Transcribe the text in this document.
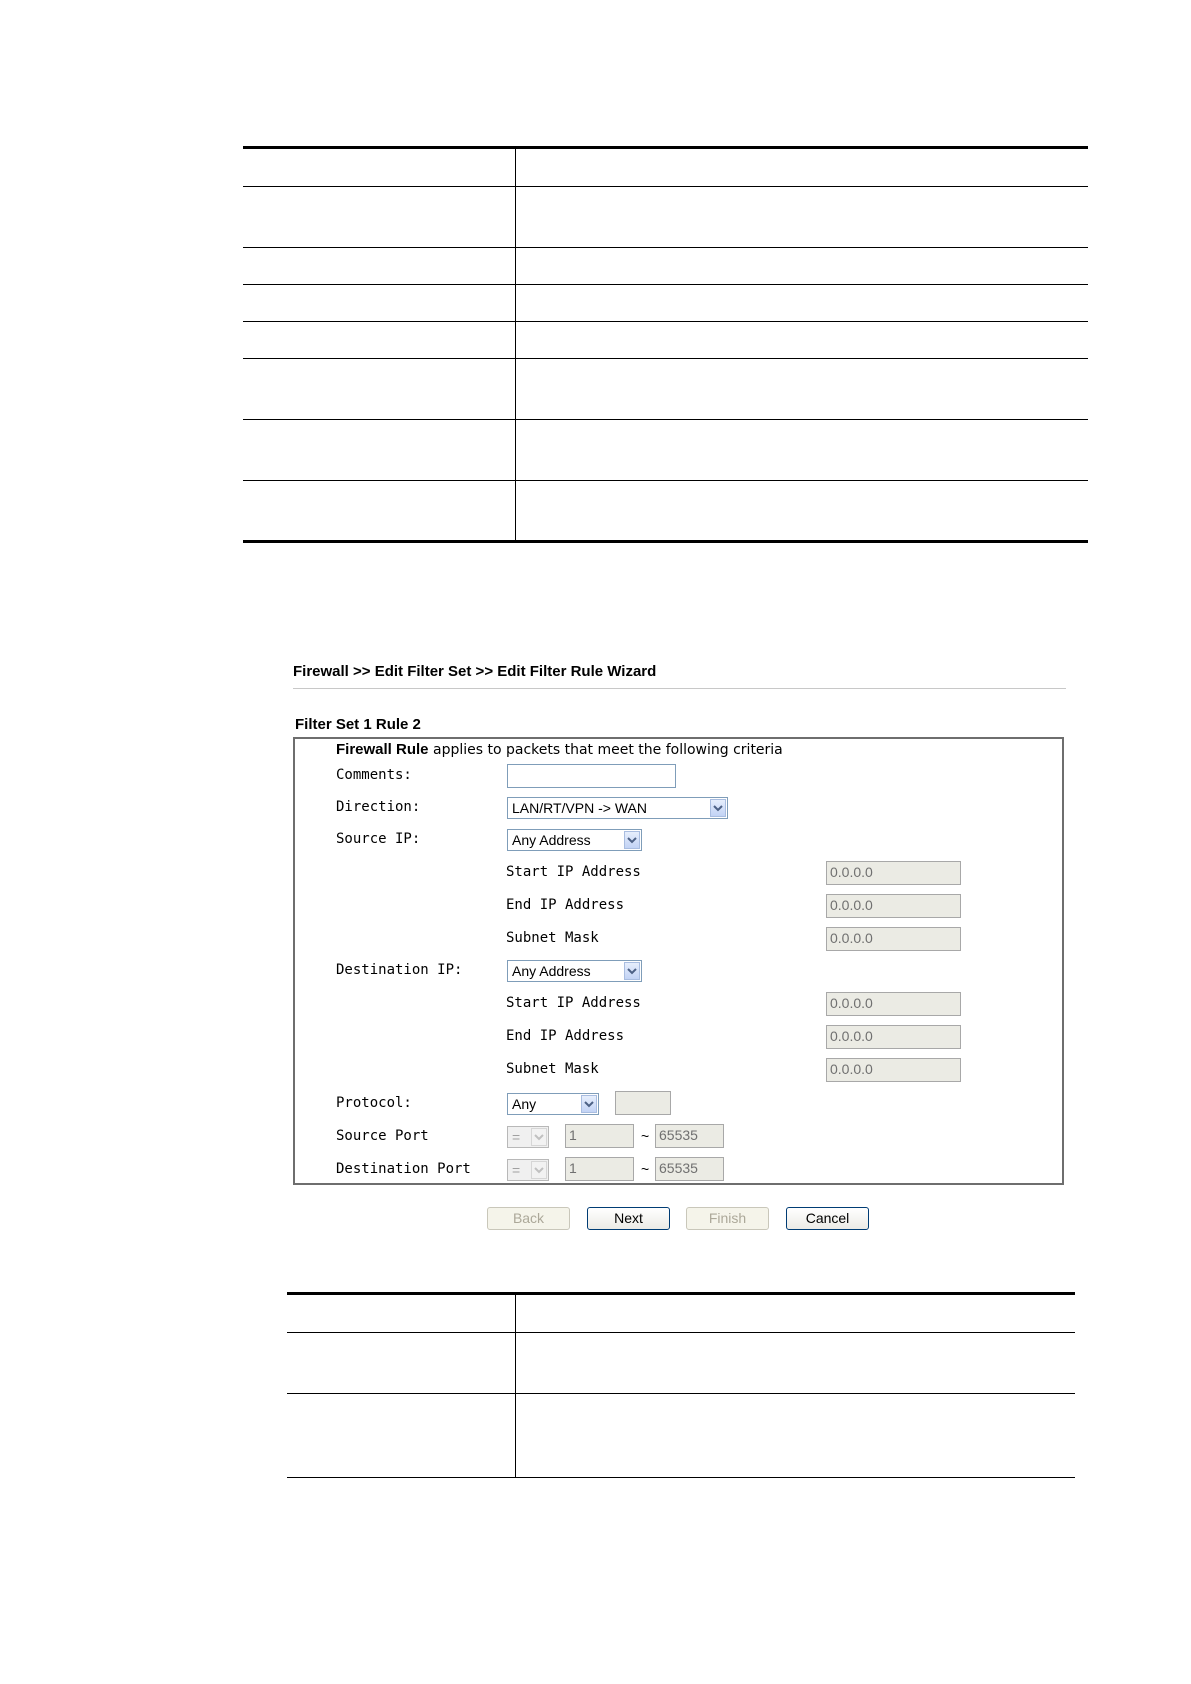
Firewall >> Edit Filter Set >> Edit Filter Rule Wizard
Filter Set 1 Rule 2
Firewall Rule applies to packets that meet the following criteria
Comments:
Direction:	LAN/RT/VPN -> WAN
Source IP:	Any Address
Start IP Address	0.0.0.0
End IP Address	0.0.0.0
Subnet Mask	0.0.0.0
Destination IP:	Any Address
Start IP Address	0.0.0.0
End IP Address	0.0.0.0
Subnet Mask	0.0.0.0
Protocol:	Any
Source Port	=	1	~ 65535
Destination Port	=	1	~ 65535
Back	Next	Finish	Cancel
